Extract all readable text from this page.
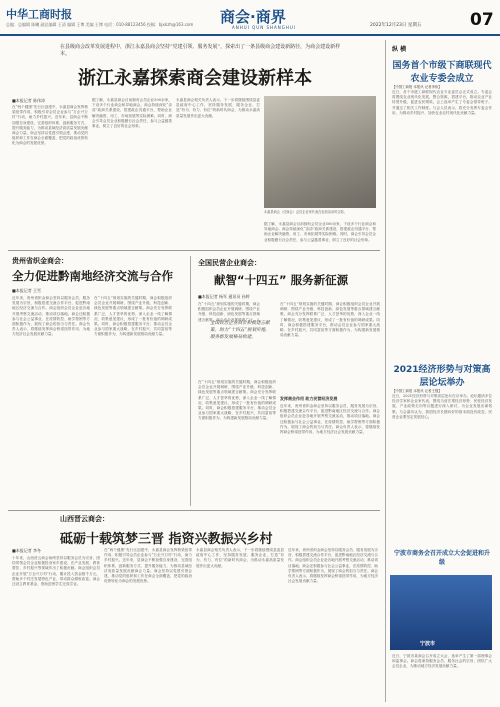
中华工商时报
总编：总编辑 陈曦 副总编辑 王清 编辑 王博 美编 王博 电话：010-88123456 投稿：bjxkzh@163.com 商会·商界
ANHUI QUN SHANGHUI	2022年12月23日 星期五	07
在县级商会改革发展进程中，浙江永嘉县商会坚持“党建引领、服务发展”，探索出了一条县级商会建设新路径，为商会建设新样本。
浙江永嘉探索商会建设新样本
■本报记者 陈伟涛
在“两个健康”先行区创建中，永嘉县商会发挥桥梁纽带作用，积极引导会员企业参与“万企兴万村”行动，助力乡村振兴。近年来，县商会不断加强自身建设，完善组织体系，创新服务方式，提升服务能力，为推动县域经济高质量发展贡献商会力量。商会坚持以党建引领会建，推动党的组织和工作在商会全面覆盖，把党的政治优势转化为商会的发展优势。
据了解，永嘉县商会目前拥有会员企业500余家，下设多个行业商会和异地商会。商会持续深化“亲清”政商关系建设，搭建政企沟通平台，帮助企业解决融资、用工、市场拓展等实际困难。同时，商会引导会员企业积极履行社会责任，参与公益慈善事业，树立了良好的社会形象。
永嘉县商会相关负责人表示，下一步将继续围绕县委县政府中心工作，坚持服务发展、服务企业，打造“有为、有力、有位”的新时代商会，为推动永嘉高质量发展作出更大贡献。
永嘉县商会（总商会）会员企业家代表在参加活动时合影。
据了解，永嘉县商会目前拥有会员企业500余家，下设多个行业商会和异地商会。商会持续深化“亲清”政商关系建设，搭建政企沟通平台，帮助企业解决融资、用工、市场拓展等实际困难。同时，商会引导会员企业积极履行社会责任，参与公益慈善事业，树立了良好的社会形象。
贵州省织金商会：
全力促进黔南地经济交流与合作
■本报记者 王雪
近年来，贵州省织金商会坚持以服务会员、服务发展为宗旨，积极搭建交流合作平台，促进黔南地区经济交流与合作。商会组织会员企业赴各地开展考察交流活动，推动项目落地。商会还积极参与社会公益事业，在疫情防控、助学帮困等方面积极作为，展现了商会的担当与责任。商会负责人表示，将继续发挥商会桥梁纽带作用，为地方经济社会发展贡献力量。
在“十四五”规划实施的关键时期，商会积极组织会员企业开展调研，围绕产业升级、科技创新、绿色发展等重点领域建言献策。商会充分发挥联系广泛、人才荟萃的优势，深入企业一线了解情况，收集意见建议，形成了一批有价值的调研成果。同时，商会积极搭建服务平台，推动会员企业参与国家重大战略，在乡村振兴、共同富裕等方面积极作为，为构建新发展格局贡献力量。
全国民营企业商会：
献智“十四五” 服务新征源
■本报记者 杨军 通讯员 孙婷
在“十四五”规划实施的关键时期，商会积极组织会员企业开展调研，围绕产业升级、科技创新、绿色发展等重点领域建言献策。商会充分发挥联系广泛、人
全国民营企业商会积极建言献策，助力“十四五”规划实施，服务新发展格局构建。
在“十四五”规划实施的关键时期，商会积极组织会员企业开展调研，围绕产业升级、科技创新、绿色发展等重点领域建言献策。商会充分发挥联系广泛、人才荟萃的优势，深入企业一线了解情况，收集意见建议，形成了一批有价值的调研成果。同时，商会积极搭建服务平台，推动会员企业参与国家重大战略，在乡村振兴、共同富裕等方面积极作为，为构建新发展格局贡献力量。
发挥商会作用 助力民营经济发展
在“十四五”规划实施的关键时期，商会积极组织会员企业开展调研，围绕产业升级、科技创新、绿色发展等重点领域建言献策。商会充分发挥联系广泛、人才荟萃的优势，深入企业一线了解情况，收集意见建议，形成了一批有价值的调研成果。同时，商会积极搭建服务平台，推动会员企业参与国家重大战略，在乡村振兴、共同富裕等方面积极作为，为构建新发展格局贡献力量。
近年来，贵州省织金商会坚持以服务会员、服务发展为宗旨，积极搭建交流合作平台，促进黔南地区经济交流与合作。商会组织会员企业赴各地开展考察交流活动，推动项目落地。商会还积极参与社会公益事业，在疫情防控、助学帮困等方面积极作为，展现了商会的担当与责任。商会负责人表示，将继续发挥商会桥梁纽带作用，为地方经济社会发展贡献力量。
山西晋云商会：
砥砺十载筑梦三晋 指资兴教振兴乡村
■本报记者 李冬
十年来，山西晋云商会始终坚持以服务会员为宗旨，团结带领会员企业积极投身家乡建设，在产业发展、教育帮扶、乡村振兴等领域作出了积极贡献。商会组织会员企业开展“万企兴万村”行动，累计投入资金数千万元，帮助多个村庄发展特色产业，带动群众增收致富。商会还设立教育基金，资助贫困学生完成学业。
在“两个健康”先行区创建中，永嘉县商会发挥桥梁纽带作用，积极引导会员企业参与“万企兴万村”行动，助力乡村振兴。近年来，县商会不断加强自身建设，完善组织体系，创新服务方式，提升服务能力，为推动县域经济高质量发展贡献商会力量。商会坚持以党建引领会建，推动党的组织和工作在商会全面覆盖，把党的政治优势转化为商会的发展优势。
永嘉县商会相关负责人表示，下一步将继续围绕县委县政府中心工作，坚持服务发展、服务企业，打造“有为、有力、有位”的新时代商会，为推动永嘉高质量发展作出更大贡献。
近年来，贵州省织金商会坚持以服务会员、服务发展为宗旨，积极搭建交流合作平台，促进黔南地区经济交流与合作。商会组织会员企业赴各地开展考察交流活动，推动项目落地。商会还积极参与社会公益事业，在疫情防控、助学帮困等方面积极作为，展现了商会的担当与责任。商会负责人表示，将继续发挥商会桥梁纽带作用，为地方经济社会发展贡献力量。
纵 横
国务首个市级下商联现代农业专委会成立
【中国工商报 本报讯 记者李伟】
近日，首个市级工商联现代农业专业委员会正式成立。专委会将围绕农业现代化发展，整合资源，搭建平台，推动农业产业转型升级，促进农民增收。会上选举产生了专委会领导班子，并通过了相关工作制度。与会人员表示，将充分发挥专委会作用，为推动乡村振兴、加快农业农村现代化贡献力量。
2021经济形势与对策高层论坛举办
【中国工商报 本报讯 记者王强】
近日，2021经济形势与对策高层论坛在京举办。论坛邀请多位经济学家和企业家代表，围绕当前宏观经济形势、民营经济发展、产业政策走向等议题进行深入研讨，为企业发展出谋划策。与会嘉宾认为，我国经济长期向好的基本面没有改变，民营企业要坚定发展信心。
宁波市商务会召开成立大会促进和升级
宁波市
近日，宁波市某商会召开成立大会，选举产生了第一届理事会和监事会。商会将秉持服务会员、服务社会的宗旨，团结广大会员企业，为推动地方经济发展贡献力量。
